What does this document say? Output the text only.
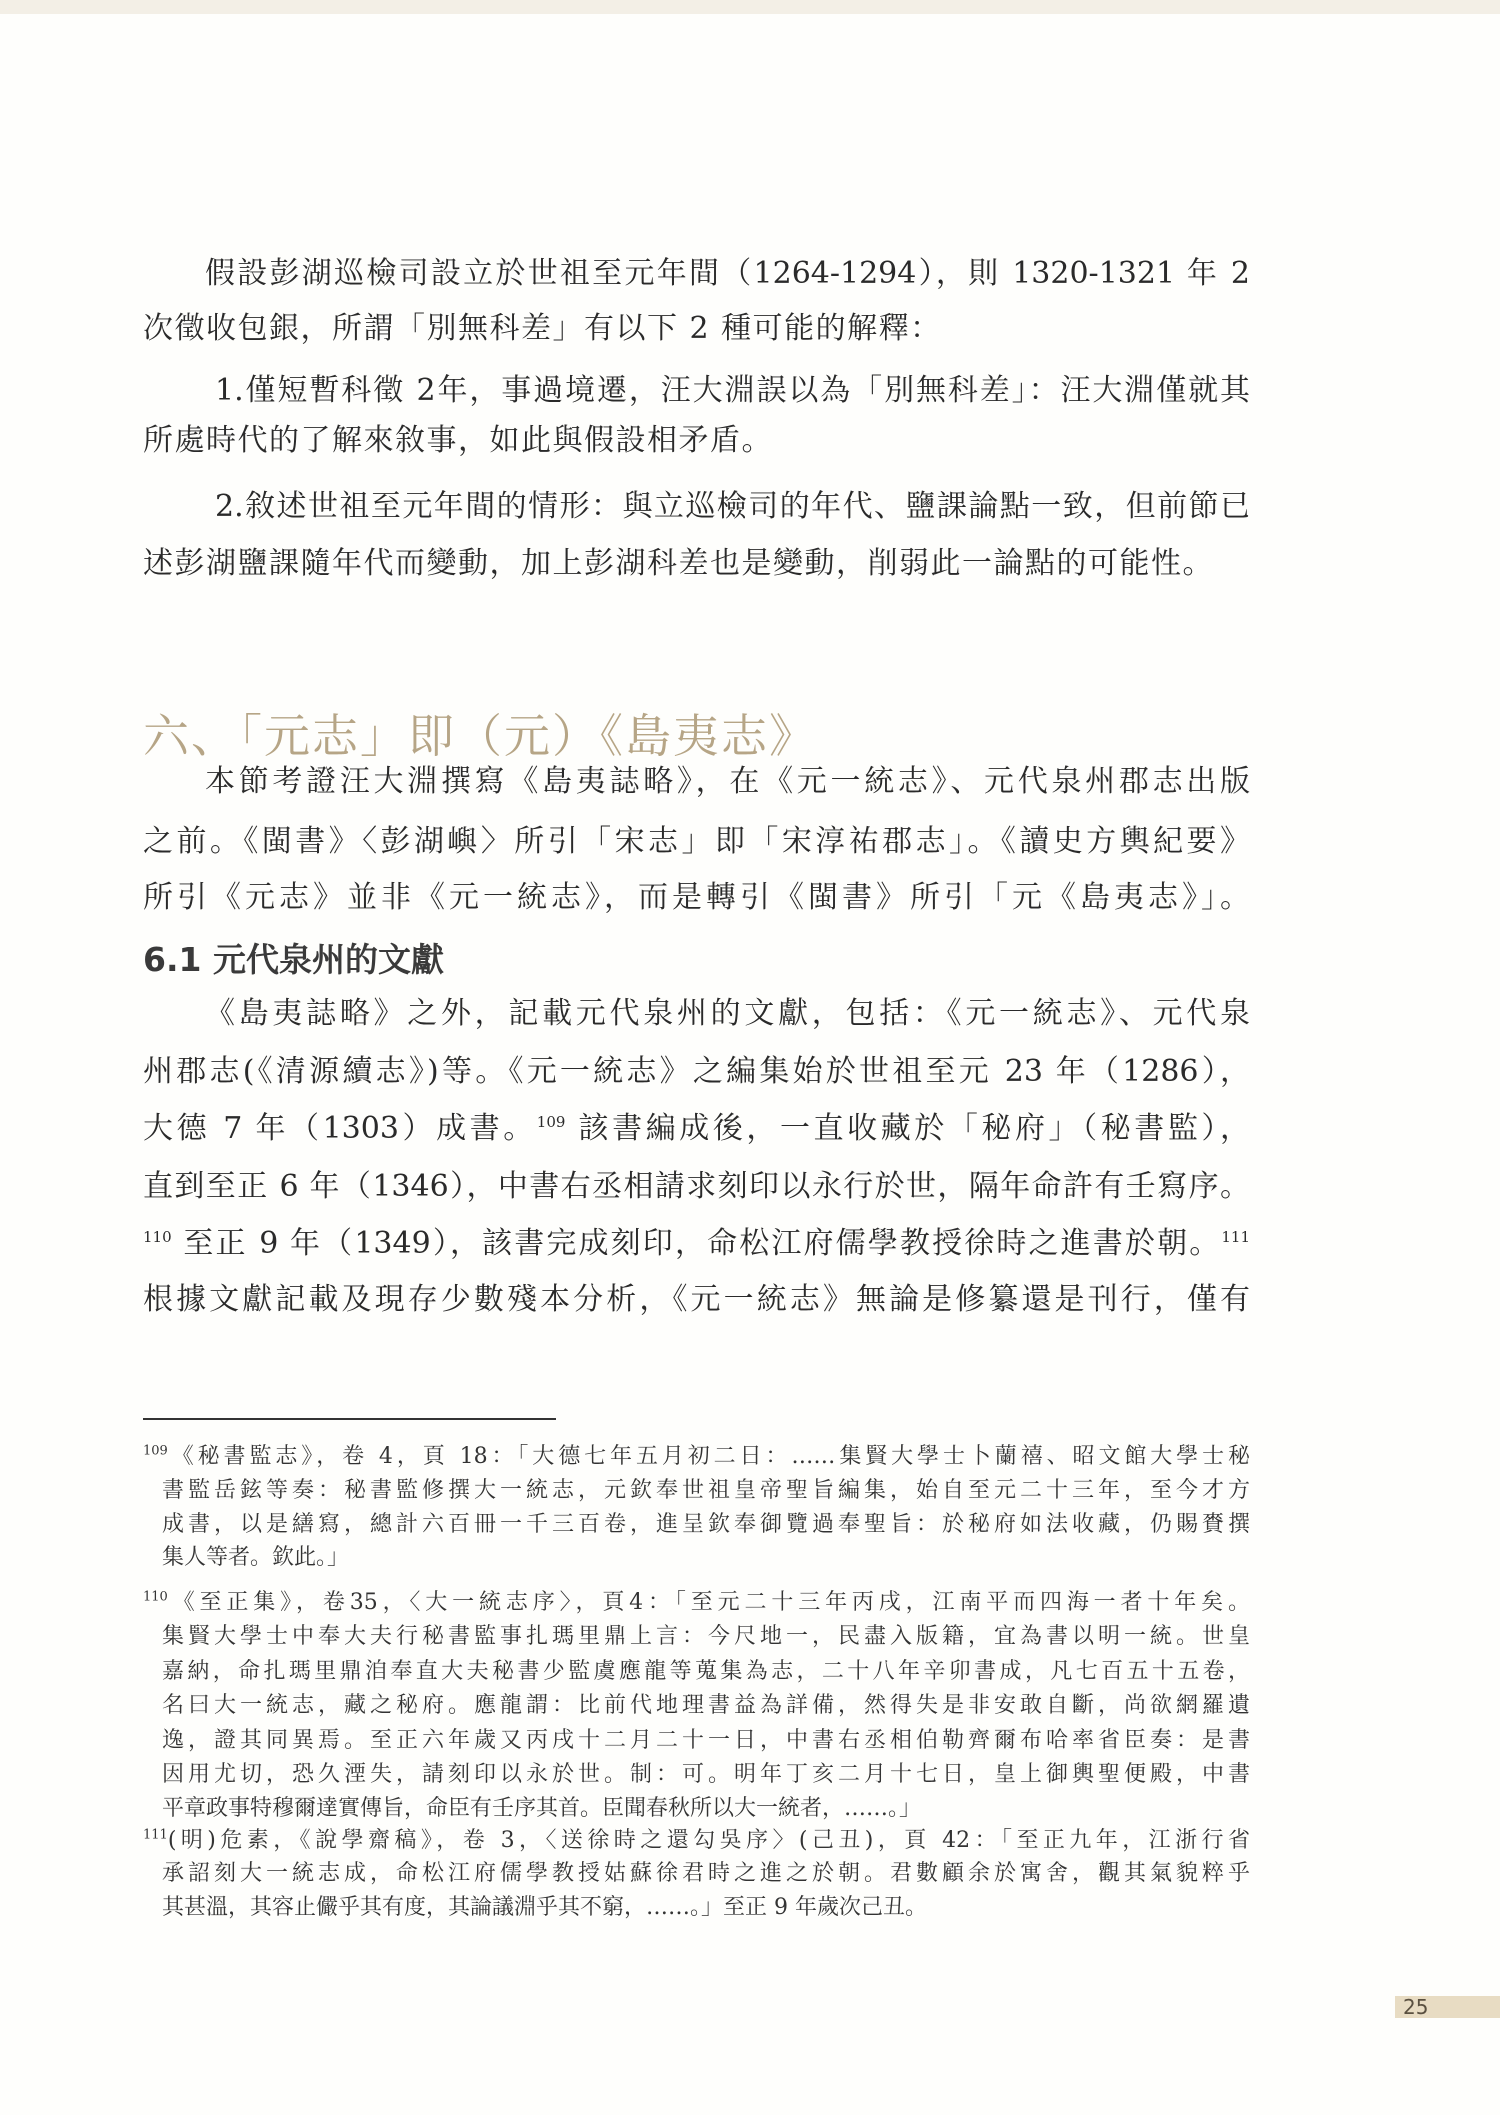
假設彭湖巡檢司設立於世祖至元年間（1264-1294），則 1320-1321 年 2
次徵收包銀，所謂「別無科差」有以下 2 種可能的解釋：
1.僅短暫科徵 2年，事過境遷，汪大淵誤以為「別無科差」：汪大淵僅就其
所處時代的了解來敘事，如此與假設相矛盾。
2.敘述世祖至元年間的情形：與立巡檢司的年代、鹽課論點一致，但前節已
述彭湖鹽課隨年代而變動，加上彭湖科差也是變動，削弱此一論點的可能性。
六、「元志」即（元）《島夷志》
本節考證汪大淵撰寫《島夷誌略》，在《元一統志》、元代泉州郡志出版
之前。《閩書》〈彭湖嶼〉所引「宋志」即「宋淳祐郡志」。《讀史方輿紀要》
所引《元志》並非《元一統志》，而是轉引《閩書》所引「元《島夷志》」。
6.1 元代泉州的文獻
《島夷誌略》之外，記載元代泉州的文獻，包括：《元一統志》、元代泉
州郡志(《清源續志》)等。《元一統志》之編集始於世祖至元 23 年（1286），
大德 7 年（1303）成書。$^{109}$ 該書編成後，一直收藏於「秘府」（秘書監），
直到至正 6 年（1346），中書右丞相請求刻印以永行於世，隔年命許有壬寫序。
$^{110}$ 至正 9 年（1349），該書完成刻印，命松江府儒學教授徐時之進書於朝。$^{111}$
根據文獻記載及現存少數殘本分析，《元一統志》無論是修纂還是刊行，僅有
$^{109}$《秘書監志》，卷 4，頁 18：「大德七年五月初二日：……集賢大學士卜蘭禧、昭文館大學士秘
書監岳鉉等奏：秘書監修撰大一統志，元欽奉世祖皇帝聖旨編集，始自至元二十三年，至今才方
成書，以是繕寫，總計六百冊一千三百卷，進呈欽奉御覽過奉聖旨：於秘府如法收藏，仍賜賚撰
集人等者。欽此。」
$^{110}$《至正集》，卷35，〈大一統志序〉，頁4：「至元二十三年丙戌，江南平而四海一者十年矣。
集賢大學士中奉大夫行秘書監事扎瑪里鼎上言：今尺地一，民盡入版籍，宜為書以明一統。世皇
嘉納，命扎瑪里鼎洎奉直大夫秘書少監虞應龍等蒐集為志，二十八年辛卯書成，凡七百五十五卷，
名曰大一統志，藏之秘府。應龍謂：比前代地理書益為詳備，然得失是非安敢自斷，尚欲網羅遺
逸，證其同異焉。至正六年歲又丙戌十二月二十一日，中書右丞相伯勒齊爾布哈率省臣奏：是書
因用尤切，恐久湮失，請刻印以永於世。制：可。明年丁亥二月十七日，皇上御輿聖便殿，中書
平章政事特穆爾達實傳旨，命臣有壬序其首。臣聞春秋所以大一統者，……。」
$^{111}$(明)危素，《說學齋稿》，卷 3，〈送徐時之還勾吳序〉(己丑)，頁 42：「至正九年，江浙行省
承詔刻大一統志成，命松江府儒學教授姑蘇徐君時之進之於朝。君數顧余於寓舍，觀其氣貌粹乎
其甚溫，其容止儼乎其有度，其論議淵乎其不窮，……。」至正 9 年歲次己丑。
25
